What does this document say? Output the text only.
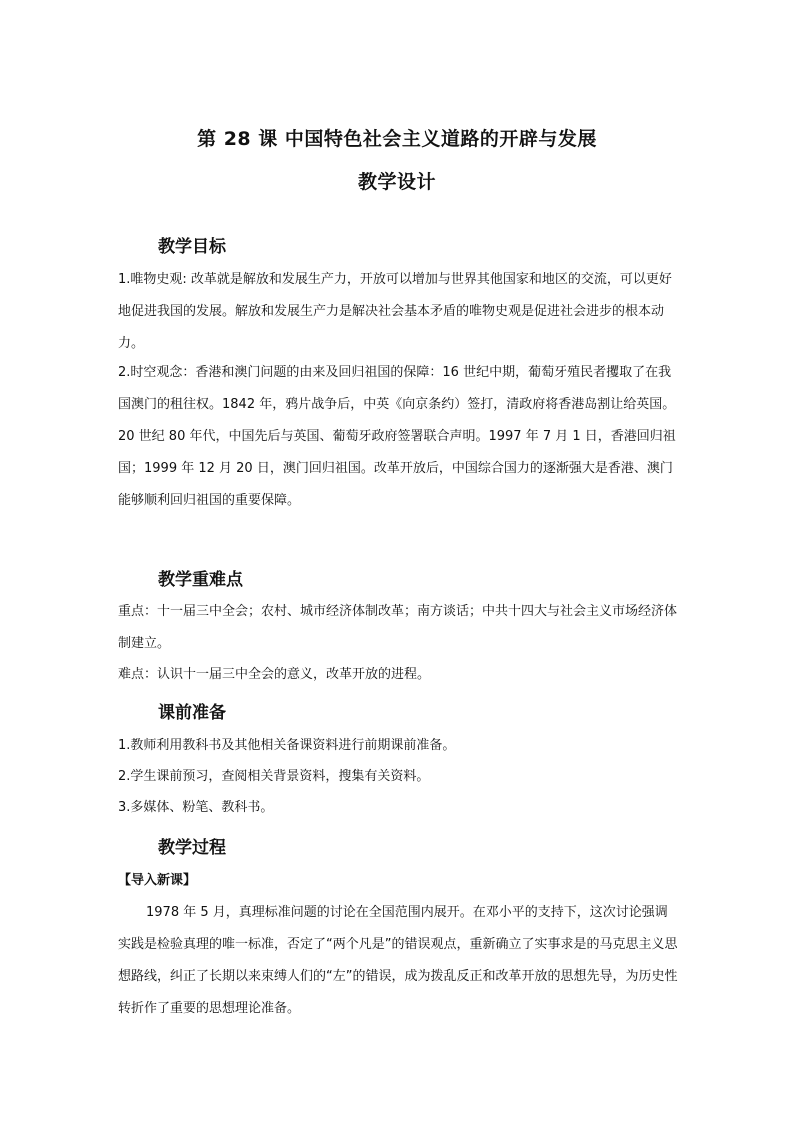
第 28 课 中国特色社会主义道路的开辟与发展
教学设计
教学目标

1.唯物史观: 改革就是解放和发展生产力，开放可以增加与世界其他国家和地区的交流，可以更好地促进我国的发展。解放和发展生产力是解决社会基本矛盾的唯物史观是促进社会进步的根本动力。

2.时空观念：香港和澳门问题的由来及回归祖国的保障：16 世纪中期，葡萄牙殖民者攫取了在我国澳门的租往权。1842 年，鸦片战争后，中英《向京条约）签打，清政府将香港岛割让给英国。20 世纪 80 年代，中国先后与英国、葡萄牙政府签署联合声明。1997 年 7 月 1 日，香港回归祖国；1999 年 12 月 20 日，澳门回归祖国。改革开放后，中国综合国力的逐渐强大是香港、澳门能够顺利回归祖国的重要保障。

教学重难点

重点：十一届三中全会；农村、城市经济体制改革；南方谈话；中共十四大与社会主义市场经济体制建立。

难点：认识十一届三中全会的意义，改革开放的进程。

课前准备
1.教师利用教科书及其他相关备课资料进行前期课前准备。
2.学生课前预习，查阅相关背景资料，搜集有关资料。
3.多媒体、粉笔、教科书。
教学过程
【导入新课】

1978 年 5 月，真理标准问题的讨论在全国范围内展开。在邓小平的支持下，这次讨论强调实践是检验真理的唯一标准，否定了“两个凡是”的错误观点，重新确立了实事求是的马克思主义思想路线，纠正了长期以来束缚人们的“左”的错误，成为拨乱反正和改革开放的思想先导，为历史性转折作了重要的思想理论准备。
